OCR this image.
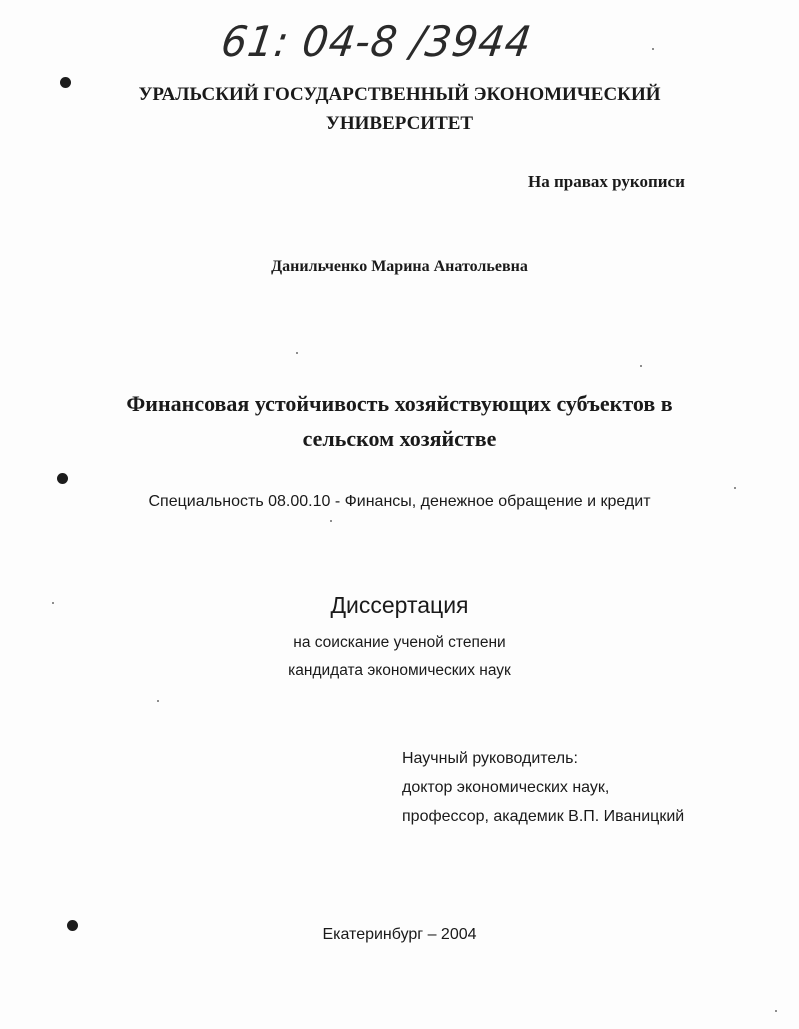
61: 04-8 /3944
УРАЛЬСКИЙ ГОСУДАРСТВЕННЫЙ ЭКОНОМИЧЕСКИЙ
УНИВЕРСИТЕТ
На правах рукописи
Данильченко Марина Анатольевна
Финансовая устойчивость хозяйствующих субъектов в
сельском хозяйстве
Специальность 08.00.10 - Финансы, денежное обращение и кредит
Диссертация
на соискание ученой степени
кандидата экономических наук
Научный руководитель:
доктор экономических наук,
профессор, академик В.П. Иваницкий
Екатеринбург – 2004
